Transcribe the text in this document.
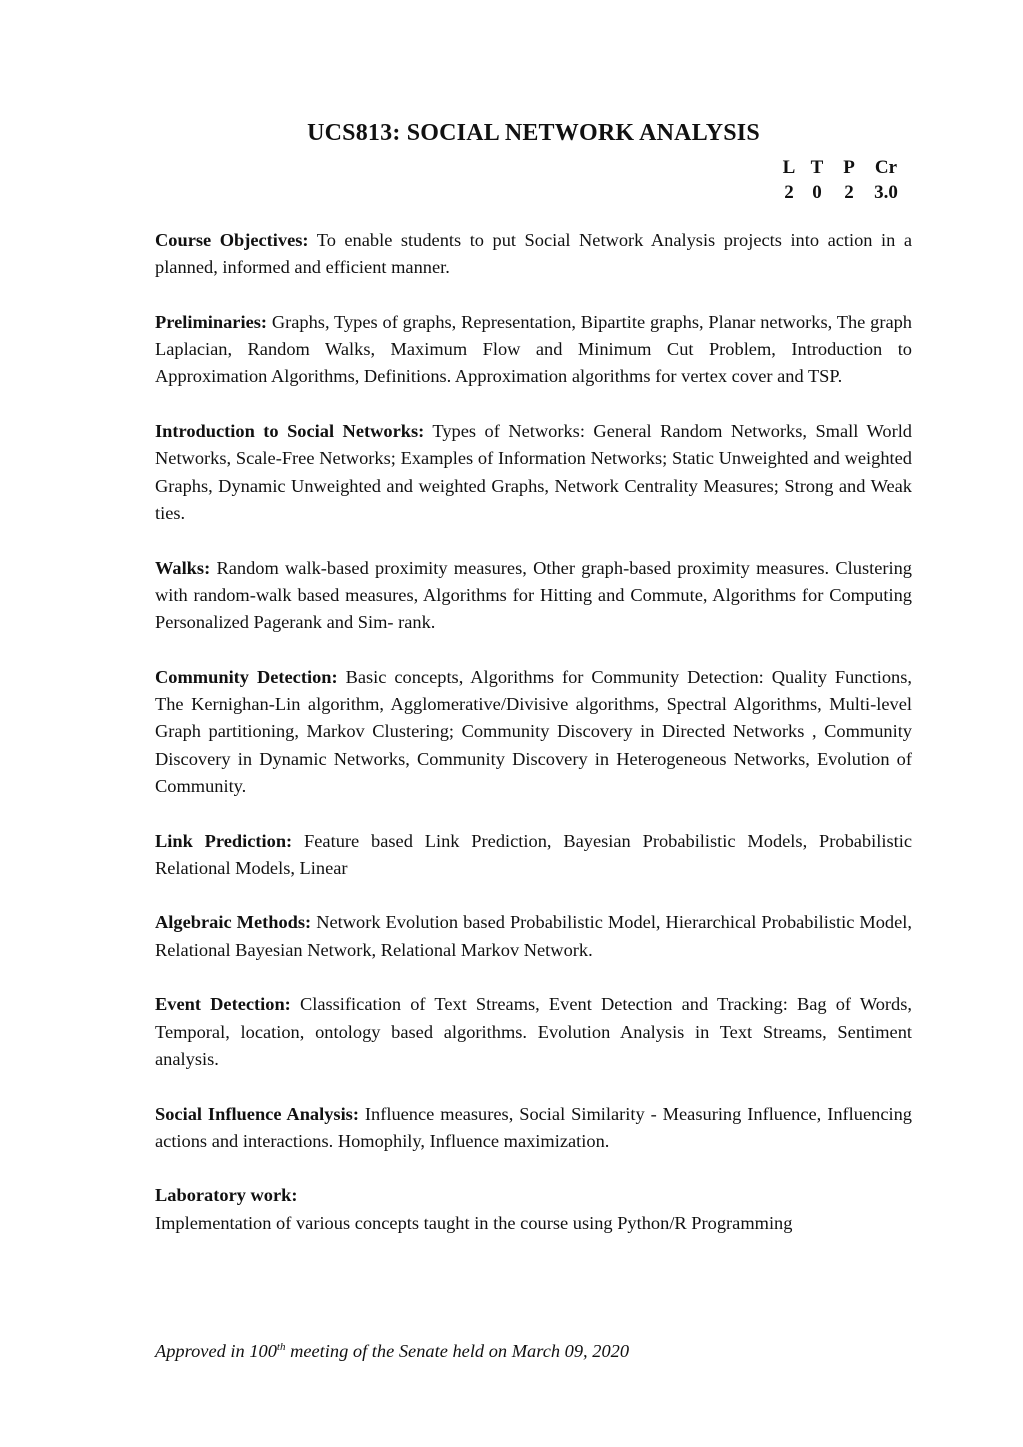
UCS813: SOCIAL NETWORK ANALYSIS
L	T	P	Cr
2	0	2	3.0

Course Objectives: To enable students to put Social Network Analysis projects into action in a planned, informed and efficient manner.

Preliminaries: Graphs, Types of graphs, Representation, Bipartite graphs, Planar networks, The graph Laplacian, Random Walks, Maximum Flow and Minimum Cut Problem, Introduction to Approximation Algorithms, Definitions. Approximation algorithms for vertex cover and TSP.

Introduction to Social Networks: Types of Networks: General Random Networks, Small World Networks, Scale-Free Networks; Examples of Information Networks; Static Unweighted and weighted Graphs, Dynamic Unweighted and weighted Graphs, Network Centrality Measures; Strong and Weak ties.

Walks: Random walk-based proximity measures, Other graph-based proximity measures. Clustering with random-walk based measures, Algorithms for Hitting and Commute, Algorithms for Computing Personalized Pagerank and Sim- rank.

Community Detection: Basic concepts, Algorithms for Community Detection: Quality Functions, The Kernighan-Lin algorithm, Agglomerative/Divisive algorithms, Spectral Algorithms, Multi-level Graph partitioning, Markov Clustering; Community Discovery in Directed Networks , Community Discovery in Dynamic Networks, Community Discovery in Heterogeneous Networks, Evolution of Community.

Link Prediction: Feature based Link Prediction, Bayesian Probabilistic Models, Probabilistic Relational Models, Linear

Algebraic Methods: Network Evolution based Probabilistic Model, Hierarchical Probabilistic Model, Relational Bayesian Network, Relational Markov Network.

Event Detection: Classification of Text Streams, Event Detection and Tracking: Bag of Words, Temporal, location, ontology based algorithms. Evolution Analysis in Text Streams, Sentiment analysis.

Social Influence Analysis: Influence measures, Social Similarity - Measuring Influence, Influencing actions and interactions. Homophily, Influence maximization.

Laboratory work:
Implementation of various concepts taught in the course using Python/R Programming

Approved in 100th meeting of the Senate held on March 09, 2020
